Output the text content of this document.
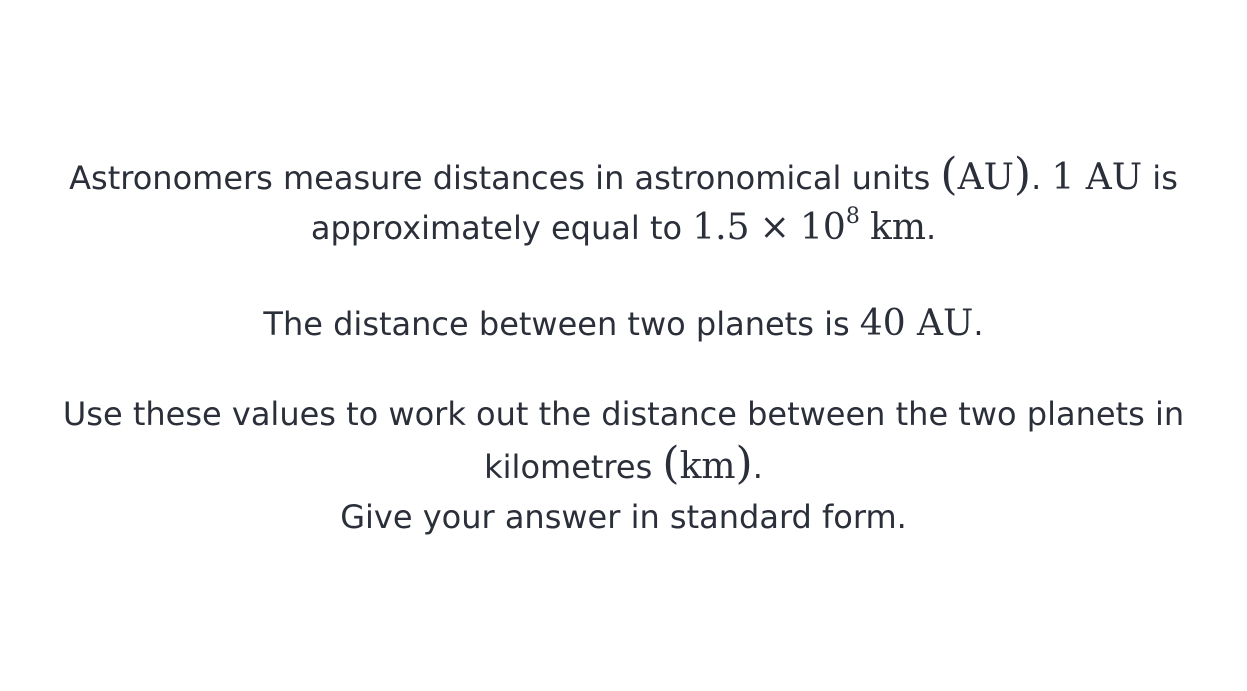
Astronomers measure distances in astronomical units (AU). 1 AU is
approximately equal to $1.5 \times 10^8$ km.

The distance between two planets is 40 AU.

Use these values to work out the distance between the two planets in
kilometres (km).
Give your answer in standard form.
